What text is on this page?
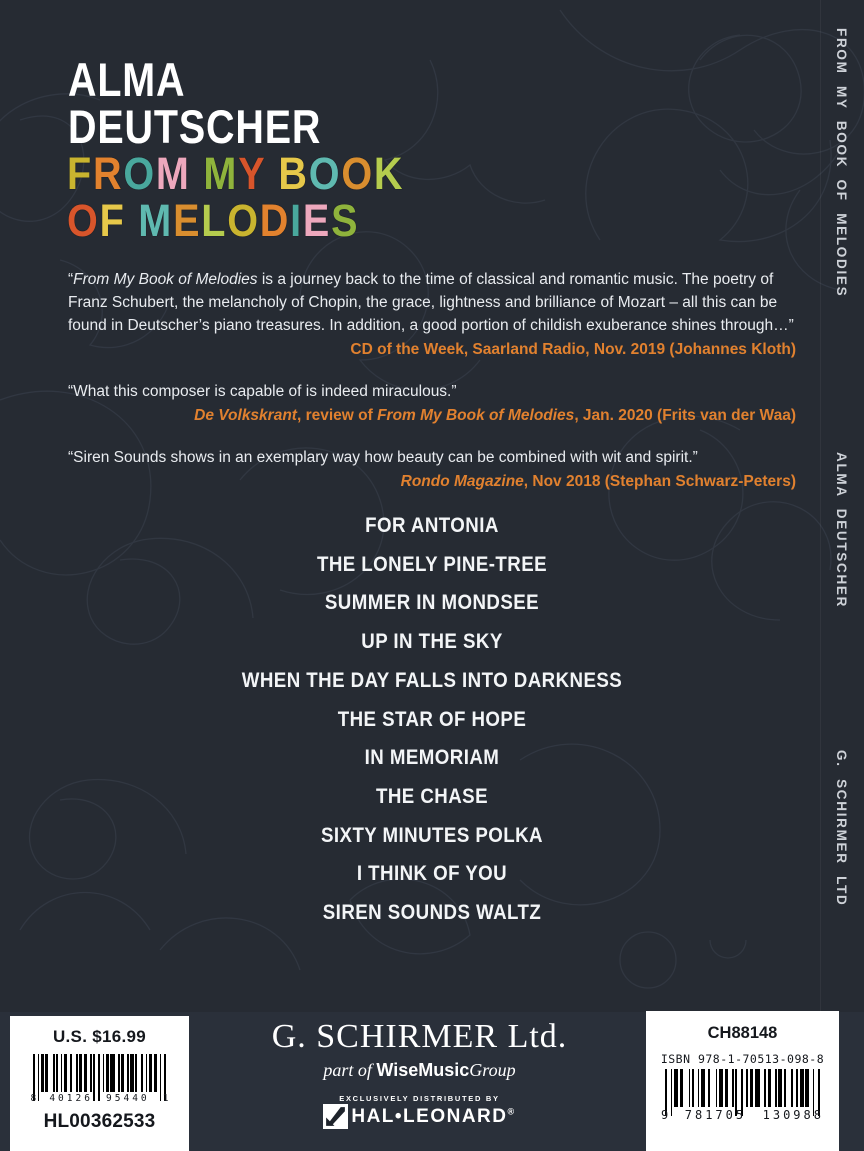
FROM MY BOOK OF MELODIES
ALMA DEUTSCHER
G. SCHIRMER LTD
ALMA
DEUTSCHER
FROM MY BOOK
OF MELODIES
“From My Book of Melodies is a journey back to the time of classical and romantic music. The poetry of Franz Schubert, the melancholy of Chopin, the grace, lightness and brilliance of Mozart – all this can be found in Deutscher’s piano treasures. In addition, a good portion of childish exuberance shines through…”
CD of the Week, Saarland Radio, Nov. 2019 (Johannes Kloth)
“What this composer is capable of is indeed miraculous.”
De Volkskrant, review of From My Book of Melodies, Jan. 2020 (Frits van der Waa)
“Siren Sounds shows in an exemplary way how beauty can be combined with wit and spirit.”
Rondo Magazine, Nov 2018 (Stephan Schwarz-Peters)
FOR ANTONIA
THE LONELY PINE-TREE
SUMMER IN MONDSEE
UP IN THE SKY
WHEN THE DAY FALLS INTO DARKNESS
THE STAR OF HOPE
IN MEMORIAM
THE CHASE
SIXTY MINUTES POLKA
I THINK OF YOU
SIREN SOUNDS WALTZ
U.S. $16.99
8 40126 95440 1
HL00362533
G. SCHIRMER Ltd.
part of WiseMusicGroup
EXCLUSIVELY DISTRIBUTED BY
HAL•LEONARD®
CH88148
ISBN 978-1-70513-098-8
9 781705 130988
